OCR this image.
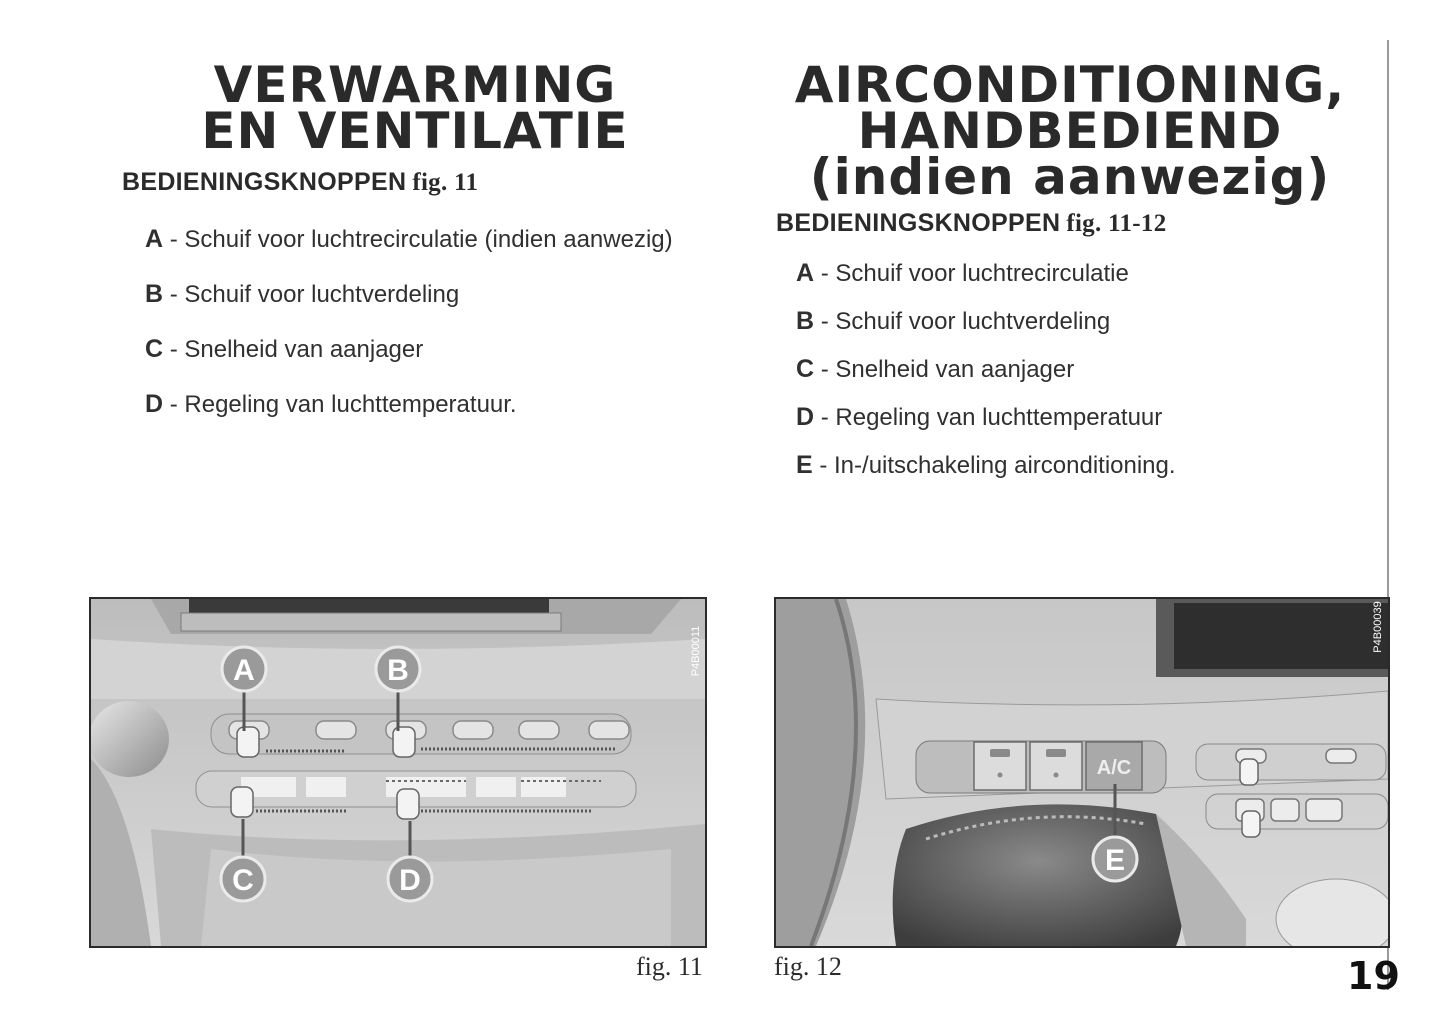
VERWARMING
EN VENTILATIE
BEDIENINGSKNOPPEN fig. 11
A - Schuif voor luchtrecirculatie (indien aanwezig)
B - Schuif voor luchtverdeling
C - Snelheid van aanjager
D - Regeling van luchttemperatuur.
A	B
C	D
P4B00011

fig. 11

AIRCONDITIONING,
HANDBEDIEND
(indien aanwezig)
BEDIENINGSKNOPPEN fig. 11-12
A - Schuif voor luchtrecirculatie
B - Schuif voor luchtverdeling
C - Snelheid van aanjager
D - Regeling van luchttemperatuur
E - In-/uitschakeling airconditioning.
A/C
E
P4B00039

fig. 12	19
